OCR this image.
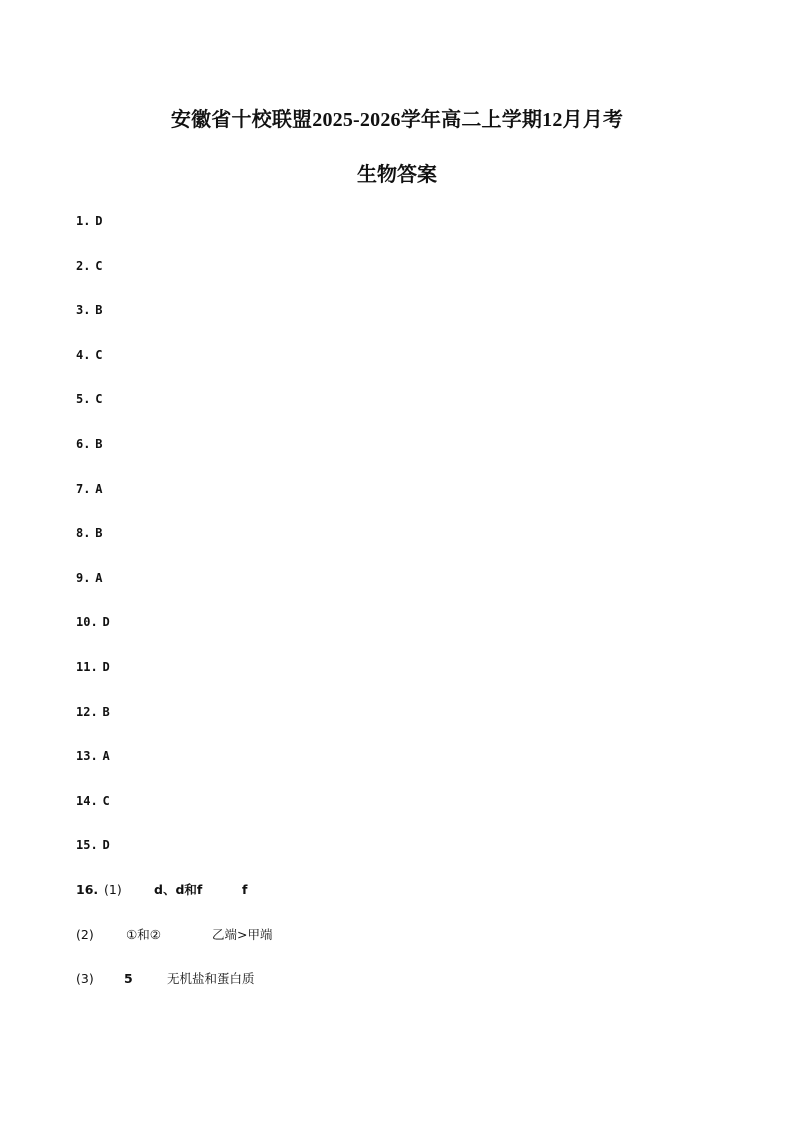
安徽省十校联盟2025-2026学年高二上学期12月月考
生物答案
1 . D
2 . C
3 . B
4 . C
5 . C
6 . B
7 . A
8 . B
9 . A
10 . D
11 . D
12 . B
13 . A
14 . C
15 . D
16. (1)	d、d和f	f
(2)	①和②	乙端>甲端
(3) 5	无机盐和蛋白质
